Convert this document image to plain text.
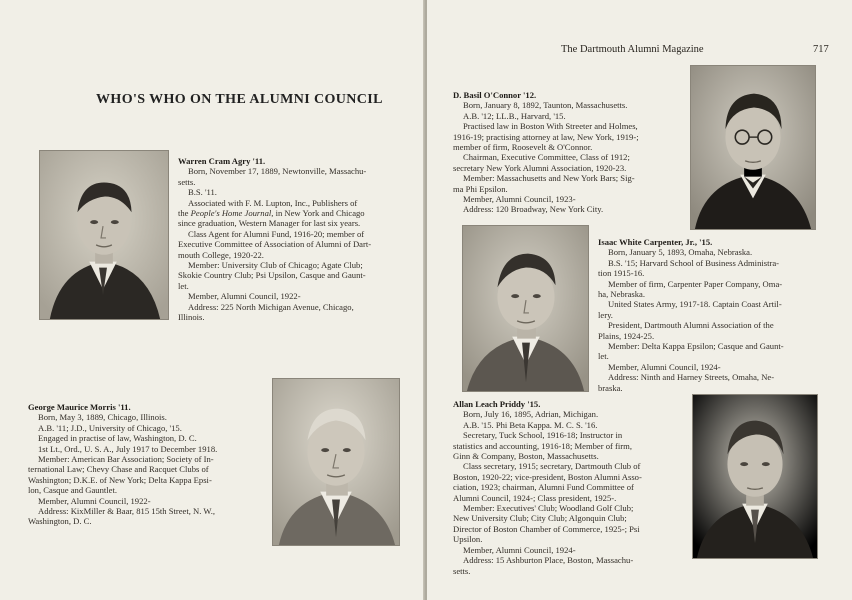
WHO'S WHO ON THE ALUMNI COUNCIL
Warren Cram Agry '11.
Born, November 17, 1889, Newtonville, Massachu-
setts.
B.S. '11.
Associated with F. M. Lupton, Inc., Publishers of
the People's Home Journal, in New York and Chicago
since graduation, Western Manager for last six years.
Class Agent for Alumni Fund, 1916-20; member of
Executive Committee of Association of Alumni of Dart-
mouth College, 1920-22.
Member: University Club of Chicago; Agate Club;
Skokie Country Club; Psi Upsilon, Casque and Gaunt-
let.
Member, Alumni Council, 1922-
Address: 225 North Michigan Avenue, Chicago,
Illinois.
George Maurice Morris '11.
Born, May 3, 1889, Chicago, Illinois.
A.B. '11; J.D., University of Chicago, '15.
Engaged in practise of law, Washington, D. C.
1st Lt., Ord., U. S. A., July 1917 to December 1918.
Member: American Bar Association; Society of In-
ternational Law; Chevy Chase and Racquet Clubs of
Washington; D.K.E. of New York; Delta Kappa Epsi-
lon, Casque and Gauntlet.
Member, Alumni Council, 1922-
Address: KixMiller & Baar, 815 15th Street, N. W.,
Washington, D. C.
The Dartmouth Alumni Magazine	717
D. Basil O'Connor '12.
Born, January 8, 1892, Taunton, Massachusetts.
A.B. '12; LL.B., Harvard, '15.
Practised law in Boston With Streeter and Holmes,
1916-19; practising attorney at law, New York, 1919-;
member of firm, Roosevelt & O'Connor.
Chairman, Executive Committee, Class of 1912;
secretary New York Alumni Association, 1920-23.
Member: Massachusetts and New York Bars; Sig-
ma Phi Epsilon.
Member, Alumni Council, 1923-
Address: 120 Broadway, New York City.
Isaac White Carpenter, Jr., '15.
Born, January 5, 1893, Omaha, Nebraska.
B.S. '15; Harvard School of Business Administra-
tion 1915-16.
Member of firm, Carpenter Paper Company, Oma-
ha, Nebraska.
United States Army, 1917-18. Captain Coast Artil-
lery.
President, Dartmouth Alumni Association of the
Plains, 1924-25.
Member: Delta Kappa Epsilon; Casque and Gaunt-
let.
Member, Alumni Council, 1924-
Address: Ninth and Harney Streets, Omaha, Ne-
braska.
Allan Leach Priddy '15.
Born, July 16, 1895, Adrian, Michigan.
A.B. '15. Phi Beta Kappa. M. C. S. '16.
Secretary, Tuck School, 1916-18; Instructor in
statistics and accounting, 1916-18; Member of firm,
Ginn & Company, Boston, Massachusetts.
Class secretary, 1915; secretary, Dartmouth Club of
Boston, 1920-22; vice-president, Boston Alumni Asso-
ciation, 1923; chairman, Alumni Fund Committee of
Alumni Council, 1924-; Class president, 1925-.
Member: Executives' Club; Woodland Golf Club;
New University Club; City Club; Algonquin Club;
Director of Boston Chamber of Commerce, 1925-; Psi
Upsilon.
Member, Alumni Council, 1924-
Address: 15 Ashburton Place, Boston, Massachu-
setts.
